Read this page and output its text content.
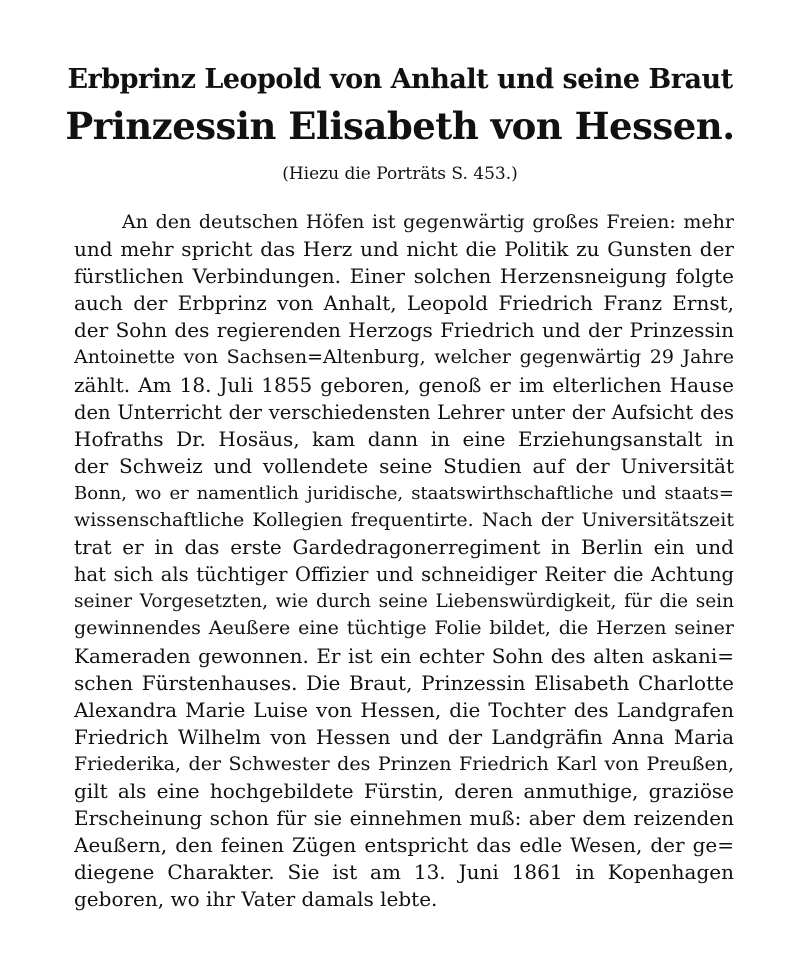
Erbprinz Leopold von Anhalt und seine Braut
Prinzessin Elisabeth von Hessen.

(Hiezu die Porträts S. 453.)

An den deutschen Höfen ist gegenwärtig großes Freien: mehr
und mehr spricht das Herz und nicht die Politik zu Gunsten der
fürstlichen Verbindungen. Einer solchen Herzensneigung folgte
auch der Erbprinz von Anhalt, Leopold Friedrich Franz Ernst,
der Sohn des regierenden Herzogs Friedrich und der Prinzessin
Antoinette von Sachsen=Altenburg, welcher gegenwärtig 29 Jahre
zählt. Am 18. Juli 1855 geboren, genoß er im elterlichen Hause
den Unterricht der verschiedensten Lehrer unter der Aufsicht des
Hofraths Dr. Hosäus, kam dann in eine Erziehungsanstalt in
der Schweiz und vollendete seine Studien auf der Universität
Bonn, wo er namentlich juridische, staatswirthschaftliche und staats=
wissenschaftliche Kollegien frequentirte. Nach der Universitätszeit
trat er in das erste Gardedragonerregiment in Berlin ein und
hat sich als tüchtiger Offizier und schneidiger Reiter die Achtung
seiner Vorgesetzten, wie durch seine Liebenswürdigkeit, für die sein
gewinnendes Aeußere eine tüchtige Folie bildet, die Herzen seiner
Kameraden gewonnen. Er ist ein echter Sohn des alten askani=
schen Fürstenhauses. Die Braut, Prinzessin Elisabeth Charlotte
Alexandra Marie Luise von Hessen, die Tochter des Landgrafen
Friedrich Wilhelm von Hessen und der Landgräfin Anna Maria
Friederika, der Schwester des Prinzen Friedrich Karl von Preußen,
gilt als eine hochgebildete Fürstin, deren anmuthige, graziöse
Erscheinung schon für sie einnehmen muß: aber dem reizenden
Aeußern, den feinen Zügen entspricht das edle Wesen, der ge=
diegene Charakter. Sie ist am 13. Juni 1861 in Kopenhagen
geboren, wo ihr Vater damals lebte.
